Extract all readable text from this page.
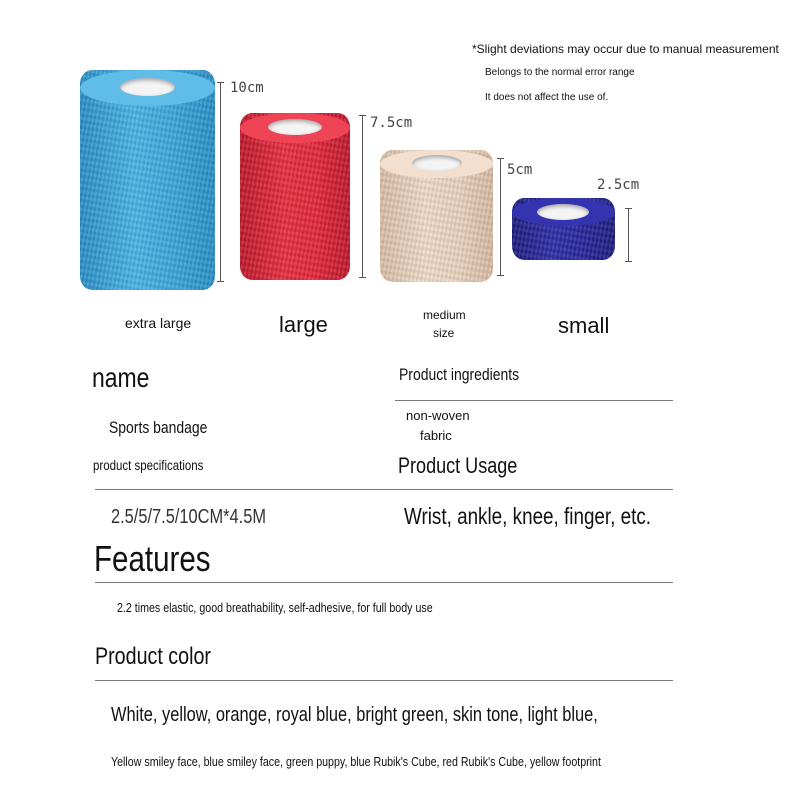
*Slight deviations may occur due to manual measurement
Belongs to the normal error range
It does not affect the use of.
10cm
7.5cm
5cm
2.5cm
extra large	large	medium
size	small
name	Product ingredients
Sports bandage
non-woven
fabric
product specifications	Product Usage
2.5/5/7.5/10CM*4.5M	Wrist, ankle, knee, finger, etc.
Features
2.2 times elastic, good breathability, self-adhesive, for full body use
Product color
White, yellow, orange, royal blue, bright green, skin tone, light blue,
Yellow smiley face, blue smiley face, green puppy, blue Rubik's Cube, red Rubik's Cube, yellow footprint
